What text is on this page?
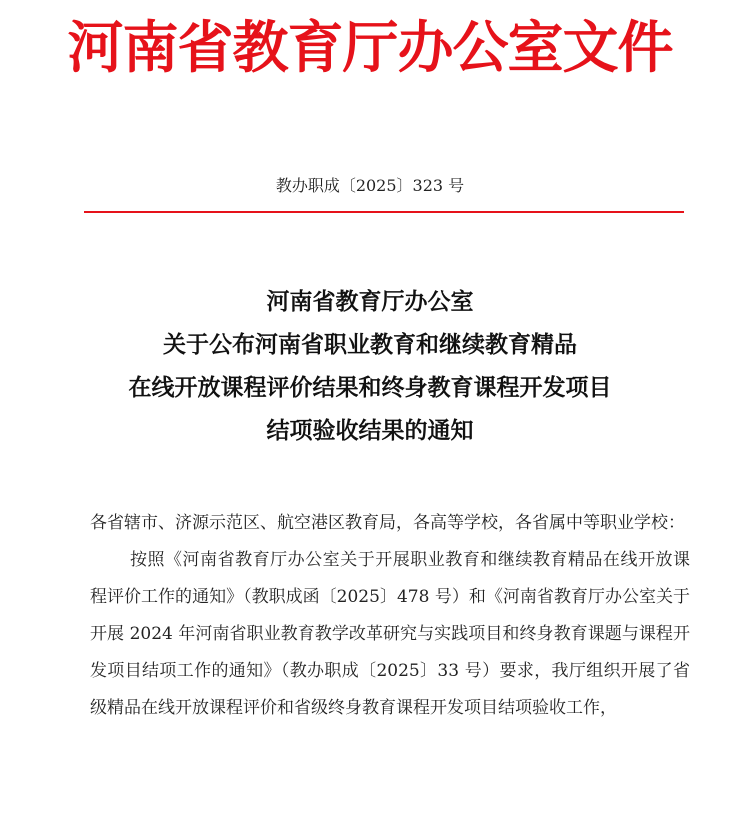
河南省教育厅办公室文件
教办职成〔2025〕323 号
河南省教育厅办公室
关于公布河南省职业教育和继续教育精品
在线开放课程评价结果和终身教育课程开发项目
结项验收结果的通知

各省辖市、济源示范区、航空港区教育局，各高等学校，各省属中等职业学校：

按照《河南省教育厅办公室关于开展职业教育和继续教育精品在线开放课程评价工作的通知》（教职成函〔2025〕478 号）和《河南省教育厅办公室关于开展 2024 年河南省职业教育教学改革研究与实践项目和终身教育课题与课程开发项目结项工作的通知》（教办职成〔2025〕33 号）要求，我厅组织开展了省级精品在线开放课程评价和省级终身教育课程开发项目结项验收工作，
